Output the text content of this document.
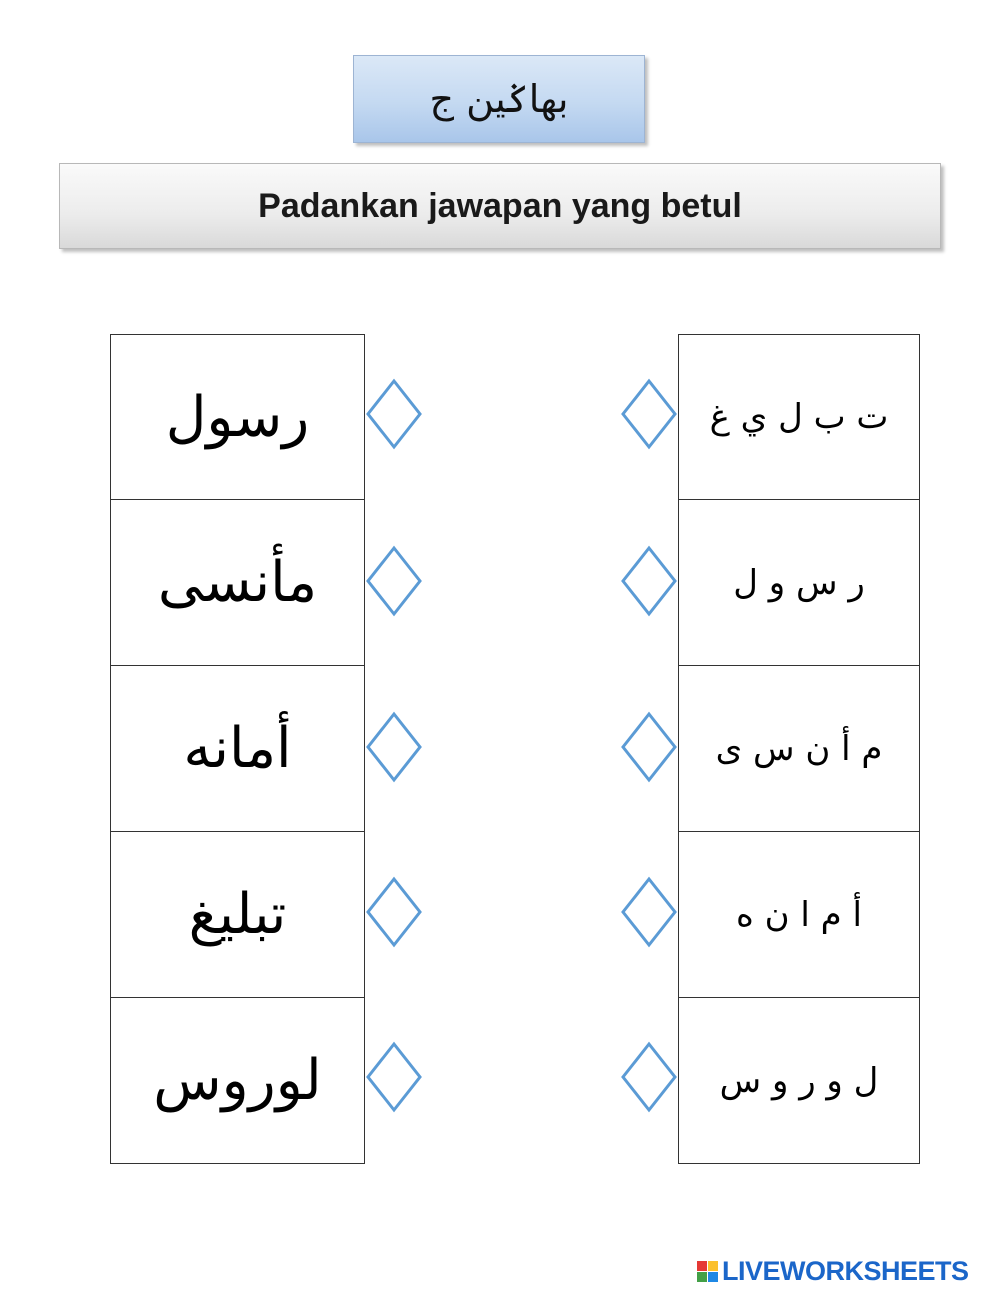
بهاݢين ج
Padankan jawapan yang betul
رسول
مأنسى
أمانه
تبليغ
لوروس
ت ب ل ي غ
ر س و ل
م أ ن س ى
أ م ا ن ه
ل و ر و س
LIVEWORKSHEETS
